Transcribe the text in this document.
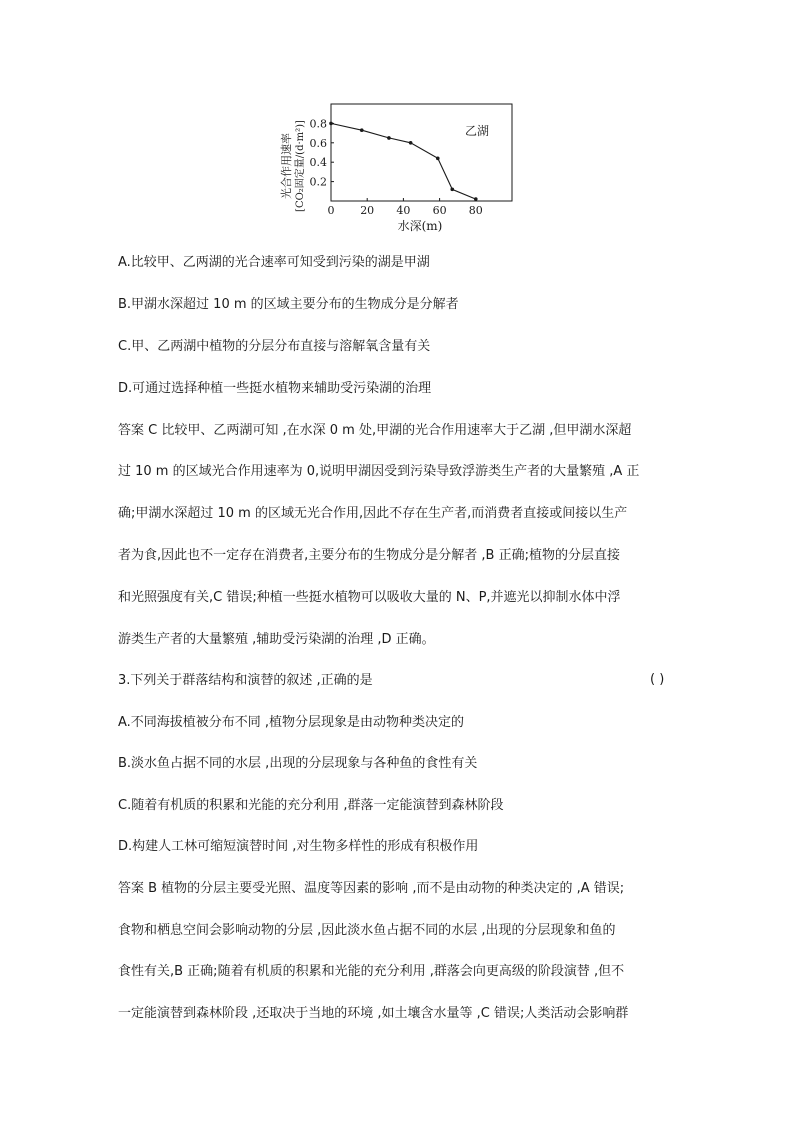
光合作用速率 [CO₂固定量/(d·m²)] 0 20 40 60 80
0.2
0.4
0.6
0.8
乙湖
水深(m)
A.比较甲、乙两湖的光合速率可知受到污染的湖是甲湖
B.甲湖水深超过 10 m 的区域主要分布的生物成分是分解者
C.甲、乙两湖中植物的分层分布直接与溶解氧含量有关
D.可通过选择种植一些挺水植物来辅助受污染湖的治理
答案 C 比较甲、乙两湖可知 ,在水深 0 m 处,甲湖的光合作用速率大于乙湖 ,但甲湖水深超
过 10 m 的区域光合作用速率为 0,说明甲湖因受到污染导致浮游类生产者的大量繁殖 ,A 正
确;甲湖水深超过 10 m 的区域无光合作用,因此不存在生产者,而消费者直接或间接以生产
者为食,因此也不一定存在消费者,主要分布的生物成分是分解者 ,B 正确;植物的分层直接
和光照强度有关,C 错误;种植一些挺水植物可以吸收大量的 N、P,并遮光以抑制水体中浮
游类生产者的大量繁殖 ,辅助受污染湖的治理 ,D 正确。
3.下列关于群落结构和演替的叙述 ,正确的是
A.不同海拔植被分布不同 ,植物分层现象是由动物种类决定的
B.淡水鱼占据不同的水层 ,出现的分层现象与各种鱼的食性有关
C.随着有机质的积累和光能的充分利用 ,群落一定能演替到森林阶段
D.构建人工林可缩短演替时间 ,对生物多样性的形成有积极作用
答案 B 植物的分层主要受光照、温度等因素的影响 ,而不是由动物的种类决定的 ,A 错误;
食物和栖息空间会影响动物的分层 ,因此淡水鱼占据不同的水层 ,出现的分层现象和鱼的
食性有关,B 正确;随着有机质的积累和光能的充分利用 ,群落会向更高级的阶段演替 ,但不
一定能演替到森林阶段 ,还取决于当地的环境 ,如土壤含水量等 ,C 错误;人类活动会影响群
( )
